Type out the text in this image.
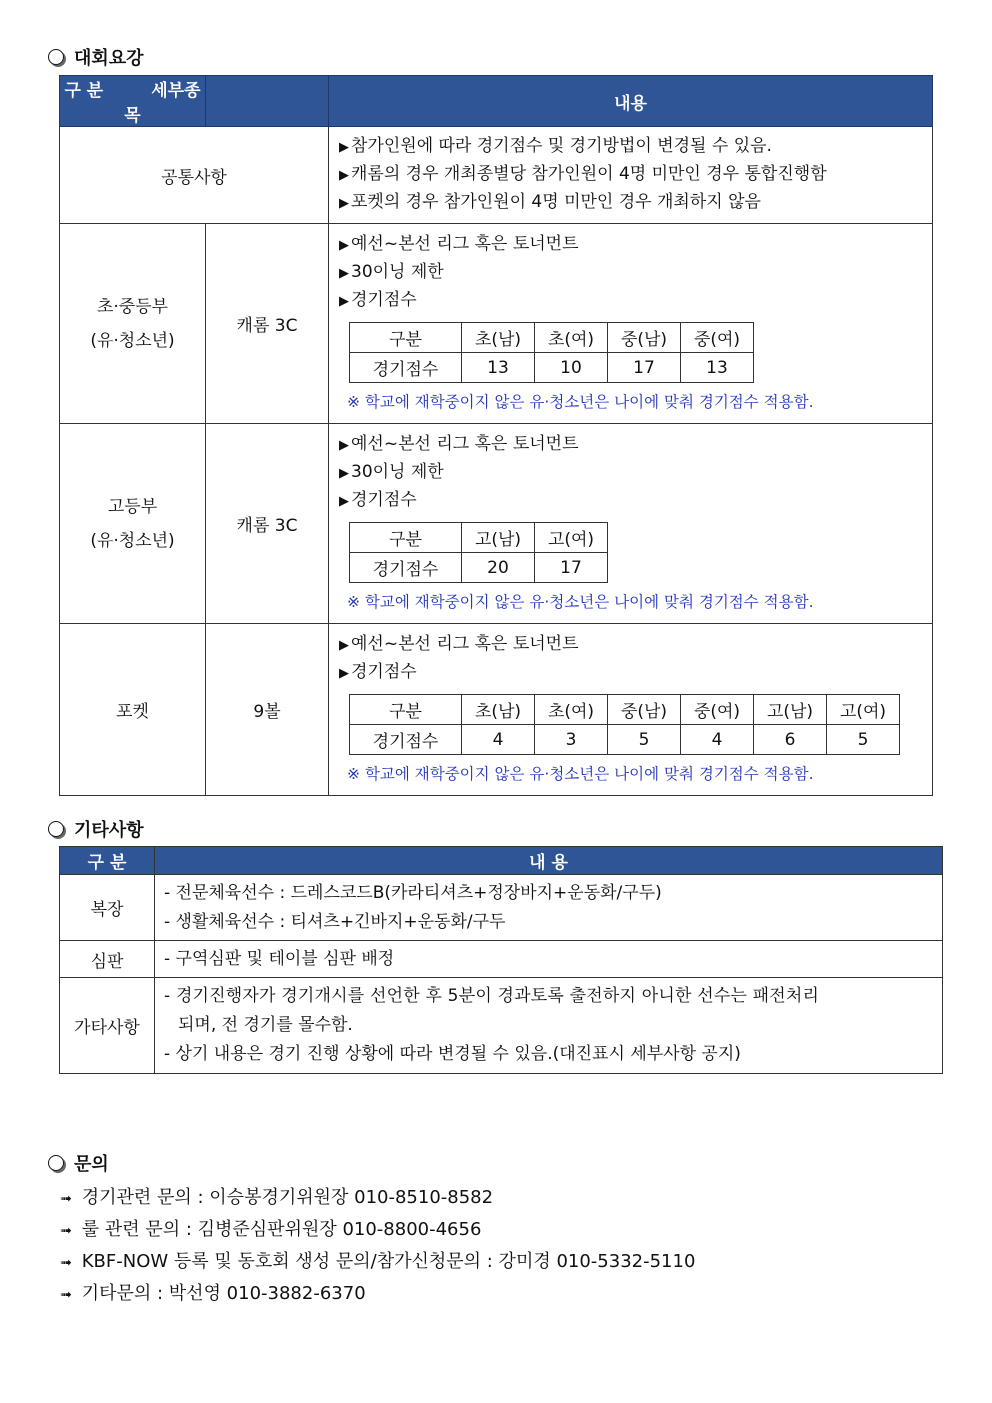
대회요강
구 분	세부종목		내용
공통사항	
▶ 참가인원에 따라 경기점수 및 경기방법이 변경될 수 있음.
▶ 캐롬의 경우 개최종별당 참가인원이 4명 미만인 경우 통합진행함
▶ 포켓의 경우 참가인원이 4명 미만인 경우 개최하지 않음

초·중등부
(유·청소년)
	캐롬 3C	
▶ 예선~본선 리그 혹은 토너먼트
▶ 30이닝 제한
▶ 경기점수
구분	초(남)	초(여)	중(남)	중(여)
경기점수	13	10	17	13
※ 학교에 재학중이지 않은 유·청소년은 나이에 맞춰 경기점수 적용함.

고등부
(유·청소년)
	캐롬 3C	
▶ 예선~본선 리그 혹은 토너먼트
▶ 30이닝 제한
▶ 경기점수
구분	고(남)	고(여)
경기점수	20	17
※ 학교에 재학중이지 않은 유·청소년은 나이에 맞춰 경기점수 적용함.

포켓	9볼	
▶ 예선~본선 리그 혹은 토너먼트
▶ 경기점수
구분	초(남)	초(여)	중(남)	중(여)	고(남)	고(여)
경기점수	4	3	5	4	6	5
※ 학교에 재학중이지 않은 유·청소년은 나이에 맞춰 경기점수 적용함.
기타사항
구 분	내 용
복장	- 전문체육선수 : 드레스코드B(카라티셔츠+정장바지+운동화/구두)
- 생활체육선수 : 티셔츠+긴바지+운동화/구두

심판	- 구역심판 및 테이블 심판 배정

가타사항	- 경기진행자가 경기개시를 선언한 후 5분이 경과토록 출전하지 아니한 선수는 패전처리
되며, 전 경기를 몰수함.
- 상기 내용은 경기 진행 상황에 따라 변경될 수 있음.(대진표시 세부사항 공지)
문의
➟ 경기관련 문의 : 이승봉경기위원장 010-8510-8582
➟ 룰 관련 문의 : 김병준심판위원장 010-8800-4656
➟ KBF-NOW 등록 및 동호회 생성 문의/참가신청문의 : 강미경 010-5332-5110
➟ 기타문의 : 박선영 010-3882-6370
